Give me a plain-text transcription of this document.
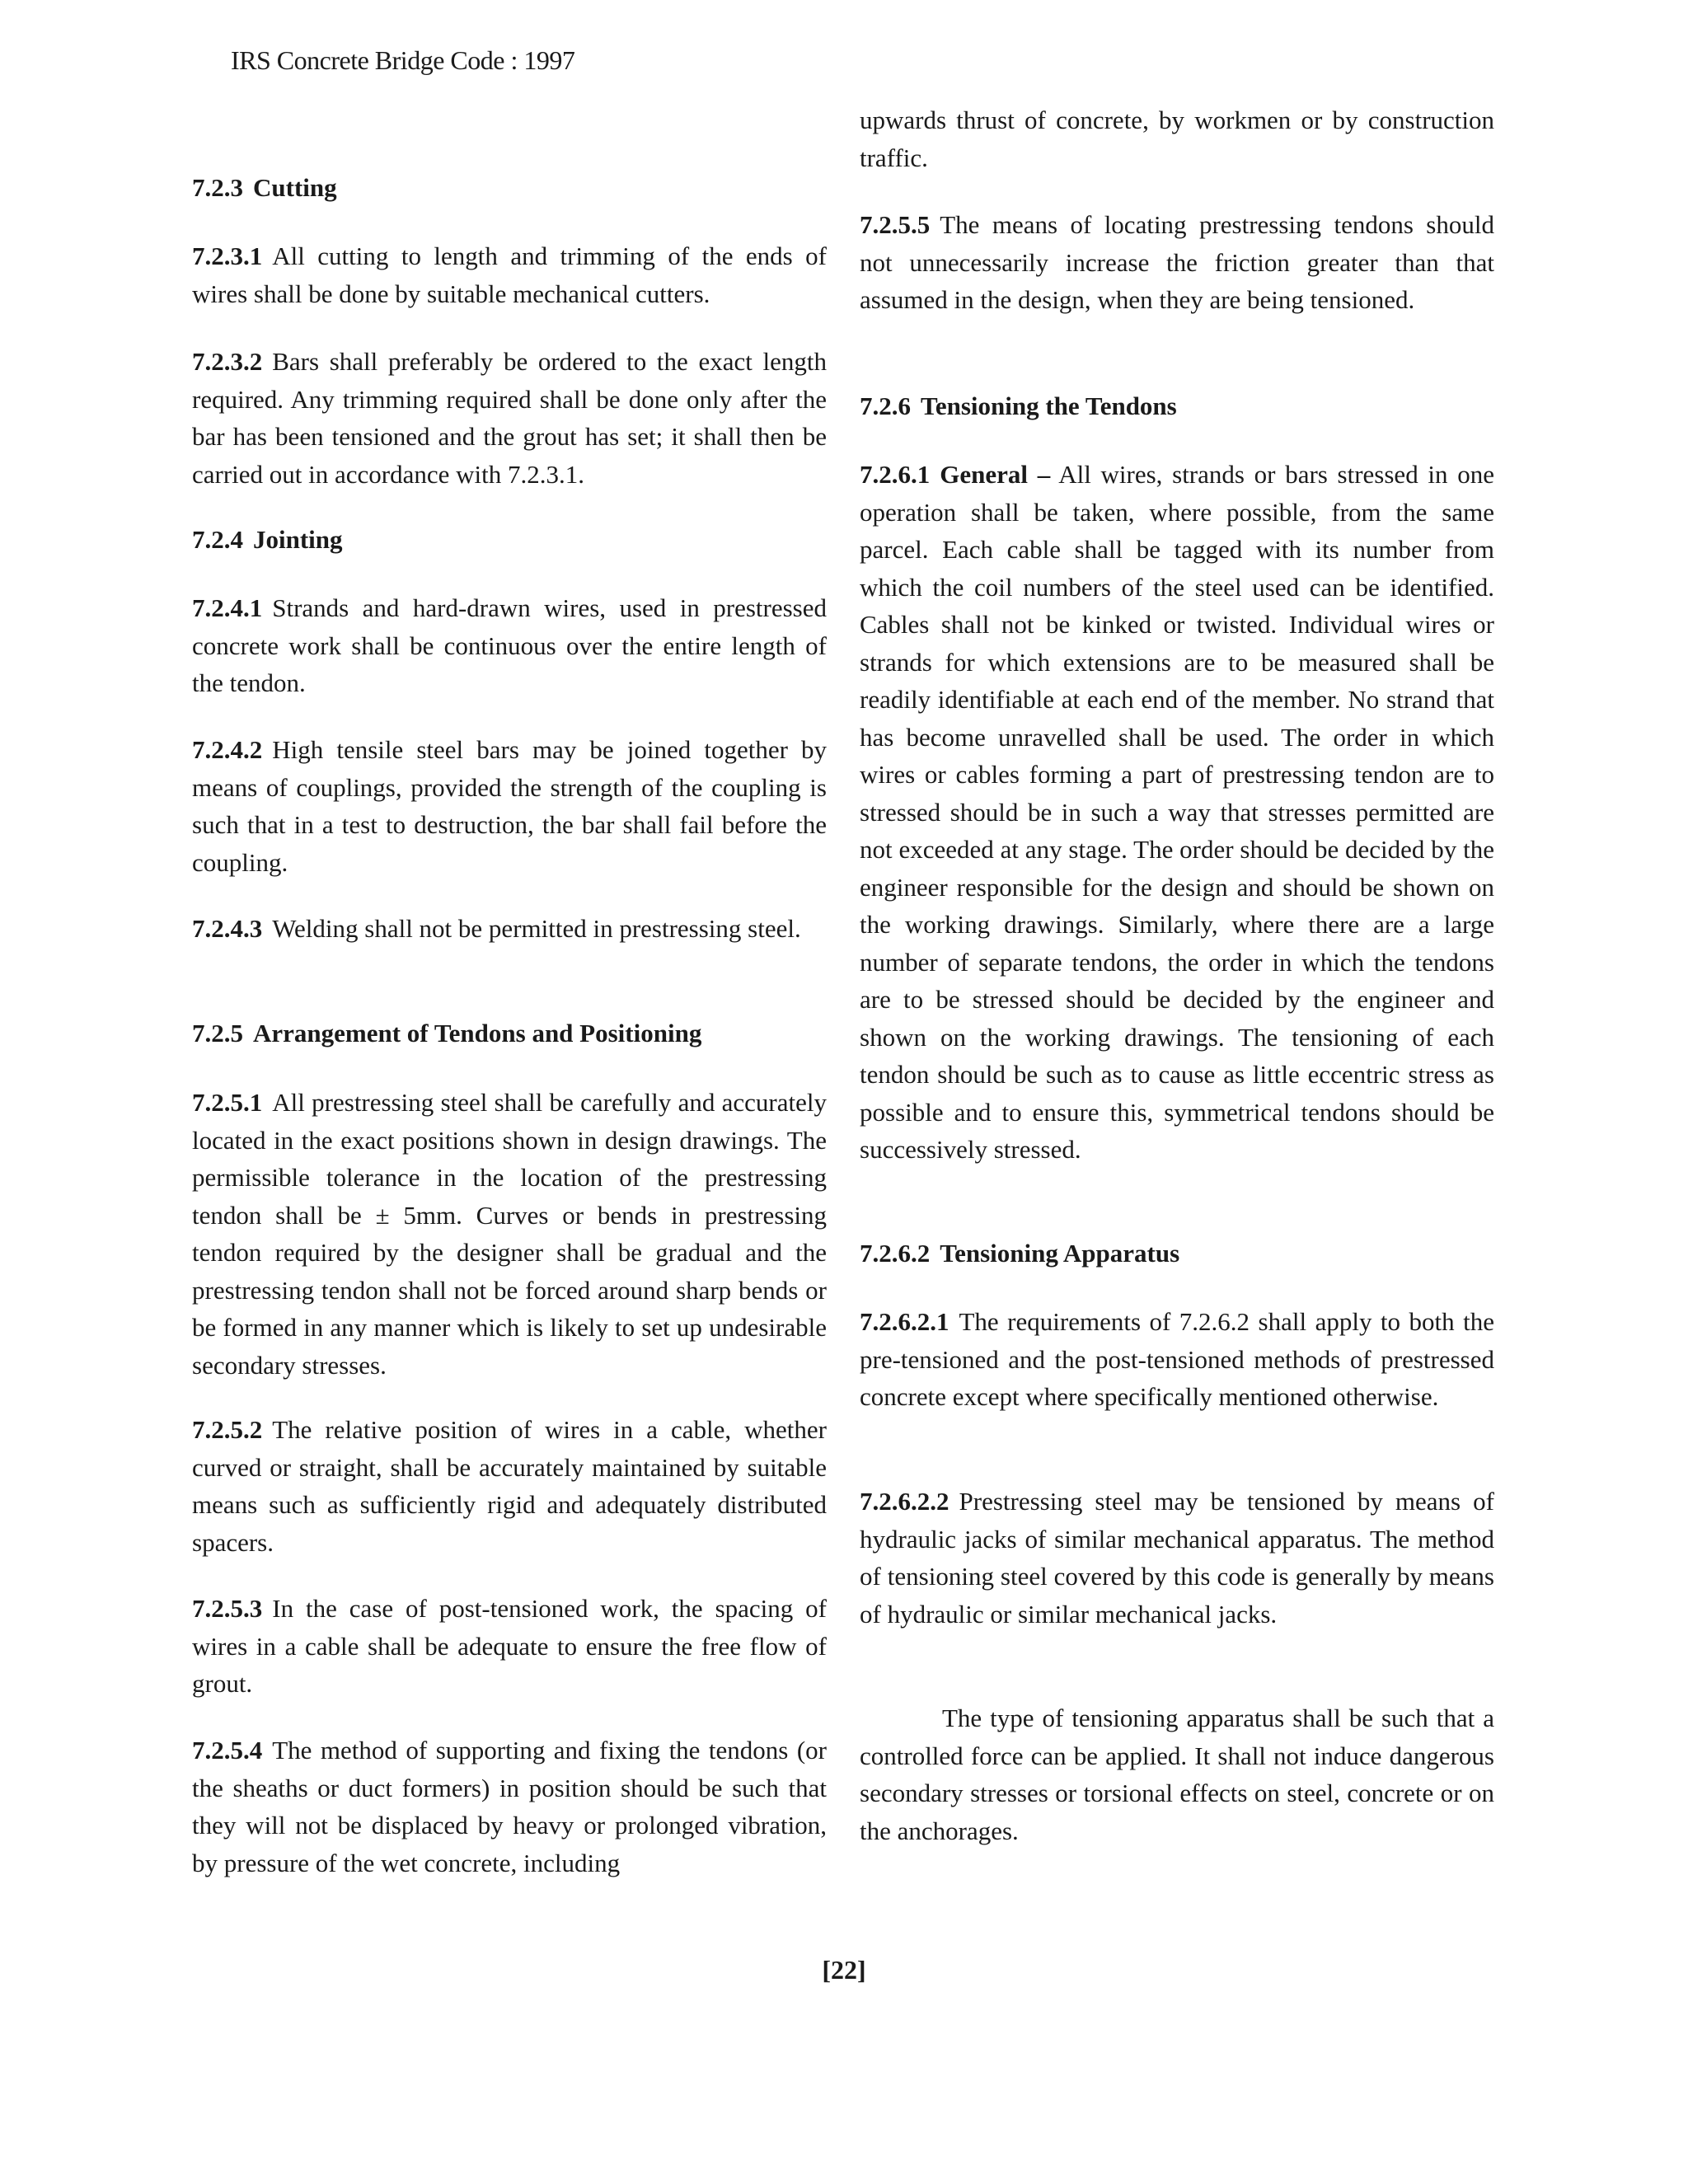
IRS Concrete Bridge Code : 1997
7.2.3 Cutting
7.2.3.1 All cutting to length and trimming of the ends of wires shall be done by suitable mechanical cutters.
7.2.3.2 Bars shall preferably be ordered to the exact length required. Any trimming required shall be done only after the bar has been tensioned and the grout has set; it shall then be carried out in accordance with 7.2.3.1.
7.2.4 Jointing
7.2.4.1 Strands and hard-drawn wires, used in prestressed concrete work shall be continuous over the entire length of the tendon.
7.2.4.2 High tensile steel bars may be joined together by means of couplings, provided the strength of the coupling is such that in a test to destruction, the bar shall fail before the coupling.
7.2.4.3 Welding shall not be permitted in prestressing steel.
7.2.5 Arrangement of Tendons and Positioning
7.2.5.1 All prestressing steel shall be carefully and accurately located in the exact positions shown in design drawings. The permissible tolerance in the location of the prestressing tendon shall be ± 5mm. Curves or bends in prestressing tendon required by the designer shall be gradual and the prestressing tendon shall not be forced around sharp bends or be formed in any manner which is likely to set up undesirable secondary stresses.
7.2.5.2 The relative position of wires in a cable, whether curved or straight, shall be accurately maintained by suitable means such as sufficiently rigid and adequately distributed spacers.
7.2.5.3 In the case of post-tensioned work, the spacing of wires in a cable shall be adequate to ensure the free flow of grout.
7.2.5.4 The method of supporting and fixing the tendons (or the sheaths or duct formers) in position should be such that they will not be displaced by heavy or prolonged vibration, by pressure of the wet concrete, including
upwards thrust of concrete, by workmen or by construction traffic.
7.2.5.5 The means of locating prestressing tendons should not unnecessarily increase the friction greater than that assumed in the design, when they are being tensioned.
7.2.6 Tensioning the Tendons
7.2.6.1 General – All wires, strands or bars stressed in one operation shall be taken, where possible, from the same parcel. Each cable shall be tagged with its number from which the coil numbers of the steel used can be identified. Cables shall not be kinked or twisted. Individual wires or strands for which extensions are to be measured shall be readily identifiable at each end of the member. No strand that has become unravelled shall be used. The order in which wires or cables forming a part of prestressing tendon are to stressed should be in such a way that stresses permitted are not exceeded at any stage. The order should be decided by the engineer responsible for the design and should be shown on the working drawings. Similarly, where there are a large number of separate tendons, the order in which the tendons are to be stressed should be decided by the engineer and shown on the working drawings. The tensioning of each tendon should be such as to cause as little eccentric stress as possible and to ensure this, symmetrical tendons should be successively stressed.
7.2.6.2 Tensioning Apparatus
7.2.6.2.1 The requirements of 7.2.6.2 shall apply to both the pre-tensioned and the post-tensioned methods of prestressed concrete except where specifically mentioned otherwise.
7.2.6.2.2 Prestressing steel may be tensioned by means of hydraulic jacks of similar mechanical apparatus. The method of tensioning steel covered by this code is generally by means of hydraulic or similar mechanical jacks.
The type of tensioning apparatus shall be such that a controlled force can be applied. It shall not induce dangerous secondary stresses or torsional effects on steel, concrete or on the anchorages.
[22]
